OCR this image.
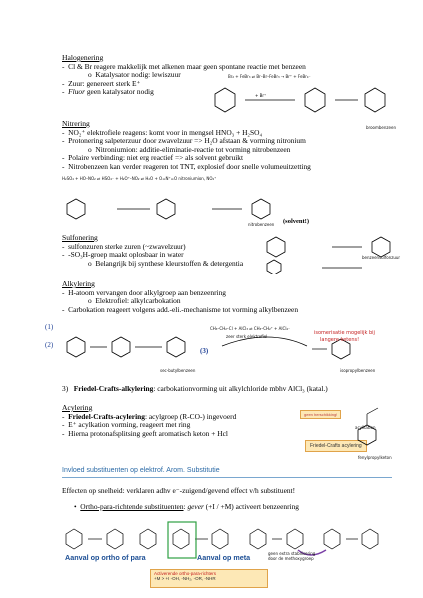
Halogenering
-  Cl & Br reagere makkelijk met alkenen maar geen spontane reactie met benzeen
o  Katalysator nodig: lewiszuur
-  Zuur: genereert sterk E⁺
-  Fluor geen katalysator nodig
Br₂ + FeBr₃ ⇌ Br–Br–FeBr₃ → Br⁺ + FeBr₄⁻
+ Br⁺
broombenzeen
Nitrering
-  NO₂⁺ elektrofiele reagens: komt voor in mengsel HNO₃ + H₂SO₄
-  Protonering salpeterzuur door zwavelzuur => H₂O afstaan & vorming nitronium
o  Nitroniumion: additie-eliminatie-reactie tot vorming nitrobenzeen
-  Polaire verbinding: niet erg reactief => als solvent gebruikt
-  Nitrobenzeen kan verder reageren tot TNT, explosief door snelle volumeuitzetting
H₂SO₄ + HO–NO₂ ⇌ HSO₄⁻ + H₂O⁺–NO₂ ⇌ H₂O + O=N⁺=O nitroniumion, NO₂⁺
nitrobenzeen (solvent!)
Sulfonering
-  sulfonzuren sterke zuren (~zwavelzuur)
-  -SO₃H-groep maakt oplosbaar in water
o  Belangrijk bij synthese kleurstoffen & detergentia
benzeensulfonzuur
Alkylering
-  H-atoom vervangen door alkylgroep aan benzeenring
o  Elektrofiel: alkylcarbokation
-  Carbokation reageert volgens add.-eli.-mechanisme tot vorming alkylbenzeen
(1)
(2)
(3)
CH₃–CH₂–Cl + AlCl₃ ⇌ CH₃–CH₂⁺ + AlCl₄⁻
sec-butylbenzeen
zeer sterk elektrofiel
isomerisatie mogelijk bij
langere ketens!
isopropylbenzeen
3) Friedel-Crafts-alkylering: carbokationvorming uit alkylchloride mbhv AlCl₃ (katal.)
Acylering
-  Friedel-Crafts-acylering: acylgroep (R-CO-) ingevoerd
-  E⁺ acylkation vorming, reageert met ring
-  Hierna protonafsplitsing geeft aromatisch keton + Hcl
geen herschikking!
Friedel-Crafts acylering
acylkation
fenylpropylketon
Invloed substituenten op elektrof. Arom. Substitutie
Effecten op snelheid: verklaren adhv e⁻-zuigend/gevend effect v/h substituent!
•  Ortho-para-richtende substituenten: gever (+I / +M) activeert benzeenring
Aanval op ortho of para	Aanval op meta	geen extra stabilisering
door de methoxygroep
Activerende ortho-para-richters
+M > +I -OH, -NH₂, -OR, -NHR
